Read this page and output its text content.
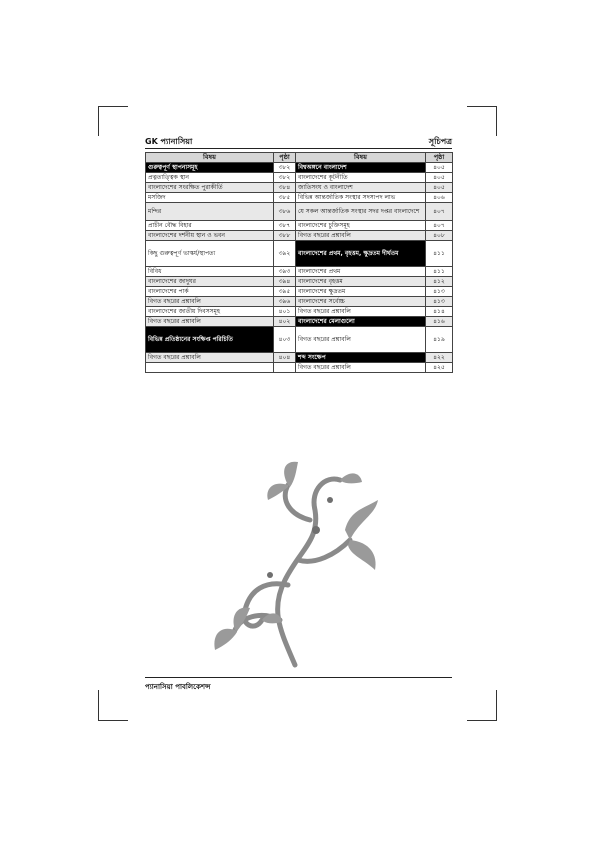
GK প্যানাসিয়া	সূচিপত্র
বিষয়	পৃষ্ঠা	বিষয়	পৃষ্ঠা
গুরুত্বপূর্ণ স্থাপনাসমূহ	৩৮২	বিশ্বঅঙ্গনে বাংলাদেশ	৪০৫
প্রত্নতাত্ত্বিক স্থান	৩৮২	বাংলাদেশের কূটনীতি	৪০৫
বাংলাদেশের সংরক্ষিত পুরাকীর্তি	৩৮৪	জাতিসংঘ ও বাংলাদেশ	৪০৫
মসজিদ	৩৮৫	বিভিন্ন আন্তর্জাতিক সংস্থার সদস্যপদ লাভ	৪০৬
মন্দির	৩৮৬	যে সকল আন্তর্জাতিক সংস্থার সদর দপ্তর বাংলাদেশে	৪০৭
প্রাচীন বৌদ্ধ বিহার	৩৮৭	বাংলাদেশের চুক্তিসমূহ	৪০৭
বাংলাদেশের দর্শনীয় স্থান ও ভবন	৩৮৮	বিগত বছরের প্রশ্নাবলি	৪০৮
কিছু গুরুত্বপূর্ণ ভাস্কর্য/স্থাপত্য	৩৯২	বাংলাদেশের প্রথম, বৃহত্তম, ক্ষুদ্রতম দীর্ঘতম	৪১১
বিবিধ	৩৯৩	বাংলাদেশের প্রথম	৪১১
বাংলাদেশের জাদুঘর	৩৯৪	বাংলাদেশের বৃহত্তম	৪১২
বাংলাদেশের পার্ক	৩৯৫	বাংলাদেশের ক্ষুদ্রতম	৪১৩
বিগত বছরের প্রশ্নাবলি	৩৯৬	বাংলাদেশের সর্বোচ্চ	৪১৩
বাংলাদেশের জাতীয় দিবসসমূহ	৪০১	বিগত বছরের প্রশ্নাবলি	৪১৪
বিগত বছরের প্রশ্নাবলি	৪০২	বাংলাদেশের মেলাগুলো	৪১৬
বিভিন্ন প্রতিষ্ঠানের সংক্ষিপ্ত পরিচিতি	৪০৩	বিগত বছরের প্রশ্নাবলি	৪১৯
বিগত বছরের প্রশ্নাবলি	৪০৪	শব্দ সংক্ষেপ	৪২২
		বিগত বছরের প্রশ্নাবলি	৪২৫
প্যানাসিয়া পাবলিকেশন্স
